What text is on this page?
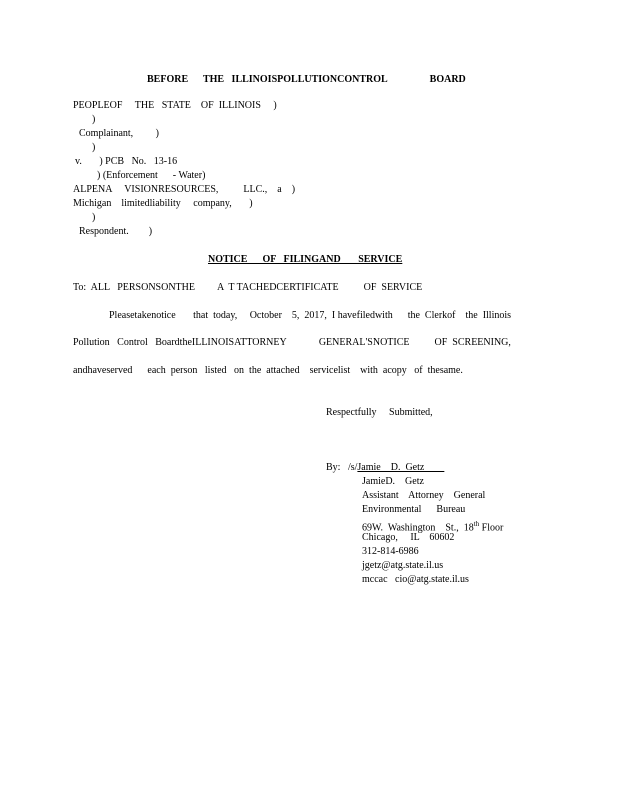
BEFORE      THE   ILLINOISPOLLUTIONCONTROL                 BOARD
PEOPLEOF     THE   STATE    OF  ILLINOIS     )
)
Complainant,         )
)
v.       ) PCB   No.   13-16
) (Enforcement      - Water)
ALPENA     VISIONRESOURCES,          LLC.,    a    )
Michigan    limitedliability     company,       )
)
Respondent.        )
NOTICE      OF   FILINGAND       SERVICE
To:  ALL   PERSONSONTHE         A  T TACHEDCERTIFICATE          OF  SERVICE
Pleasetakenotice       that  today,     October    5,  2017,  I havefiledwith      the  Clerkof    the  Illinois
Pollution   Control   BoardtheILLINOISATTORNEY             GENERAL'SNOTICE          OF  SCREENING,
andhaveserved      each  person   listed   on  the  attached    servicelist    with  acopy   of  thesame.
Respectfully     Submitted,
By:   /s/Jamie    D.  Getz
JamieD.    Getz
Assistant    Attorney    General
Environmental      Bureau
69W.  Washington    St.,  18th Floor
Chicago,     IL    60602
312-814-6986
jgetz@atg.state.il.us
mccac   cio@atg.state.il.us
